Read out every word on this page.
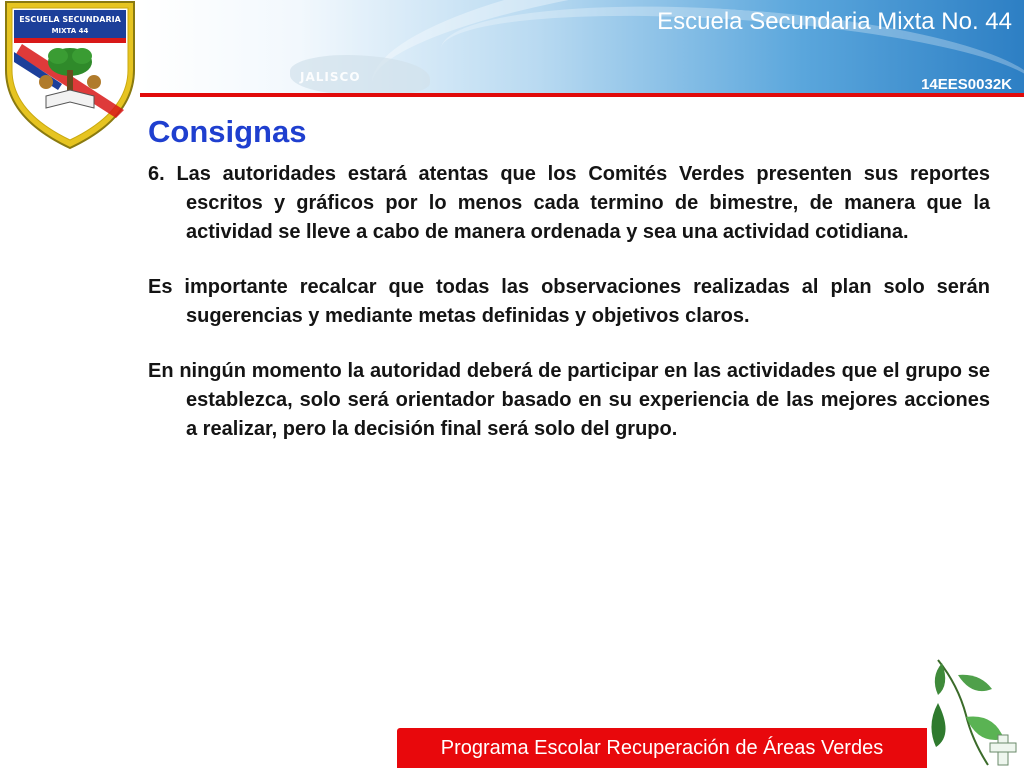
JALISCO
Escuela Secundaria Mixta No. 44
14EES0032K
ESCUELA SECUNDARIA
MIXTA 44
Consignas

6. Las autoridades estará atentas que los Comités Verdes presenten sus reportes escritos y gráficos por lo menos cada termino de bimestre, de manera que la actividad se lleve a cabo de manera ordenada y sea una actividad cotidiana.

Es importante recalcar que todas las observaciones realizadas al plan solo serán sugerencias y mediante metas definidas y objetivos claros.

En ningún momento la autoridad deberá de participar en las actividades que el grupo se establezca, solo será orientador basado en su experiencia de las mejores acciones a realizar, pero la decisión final será solo del grupo.

Programa Escolar Recuperación de Áreas Verdes
